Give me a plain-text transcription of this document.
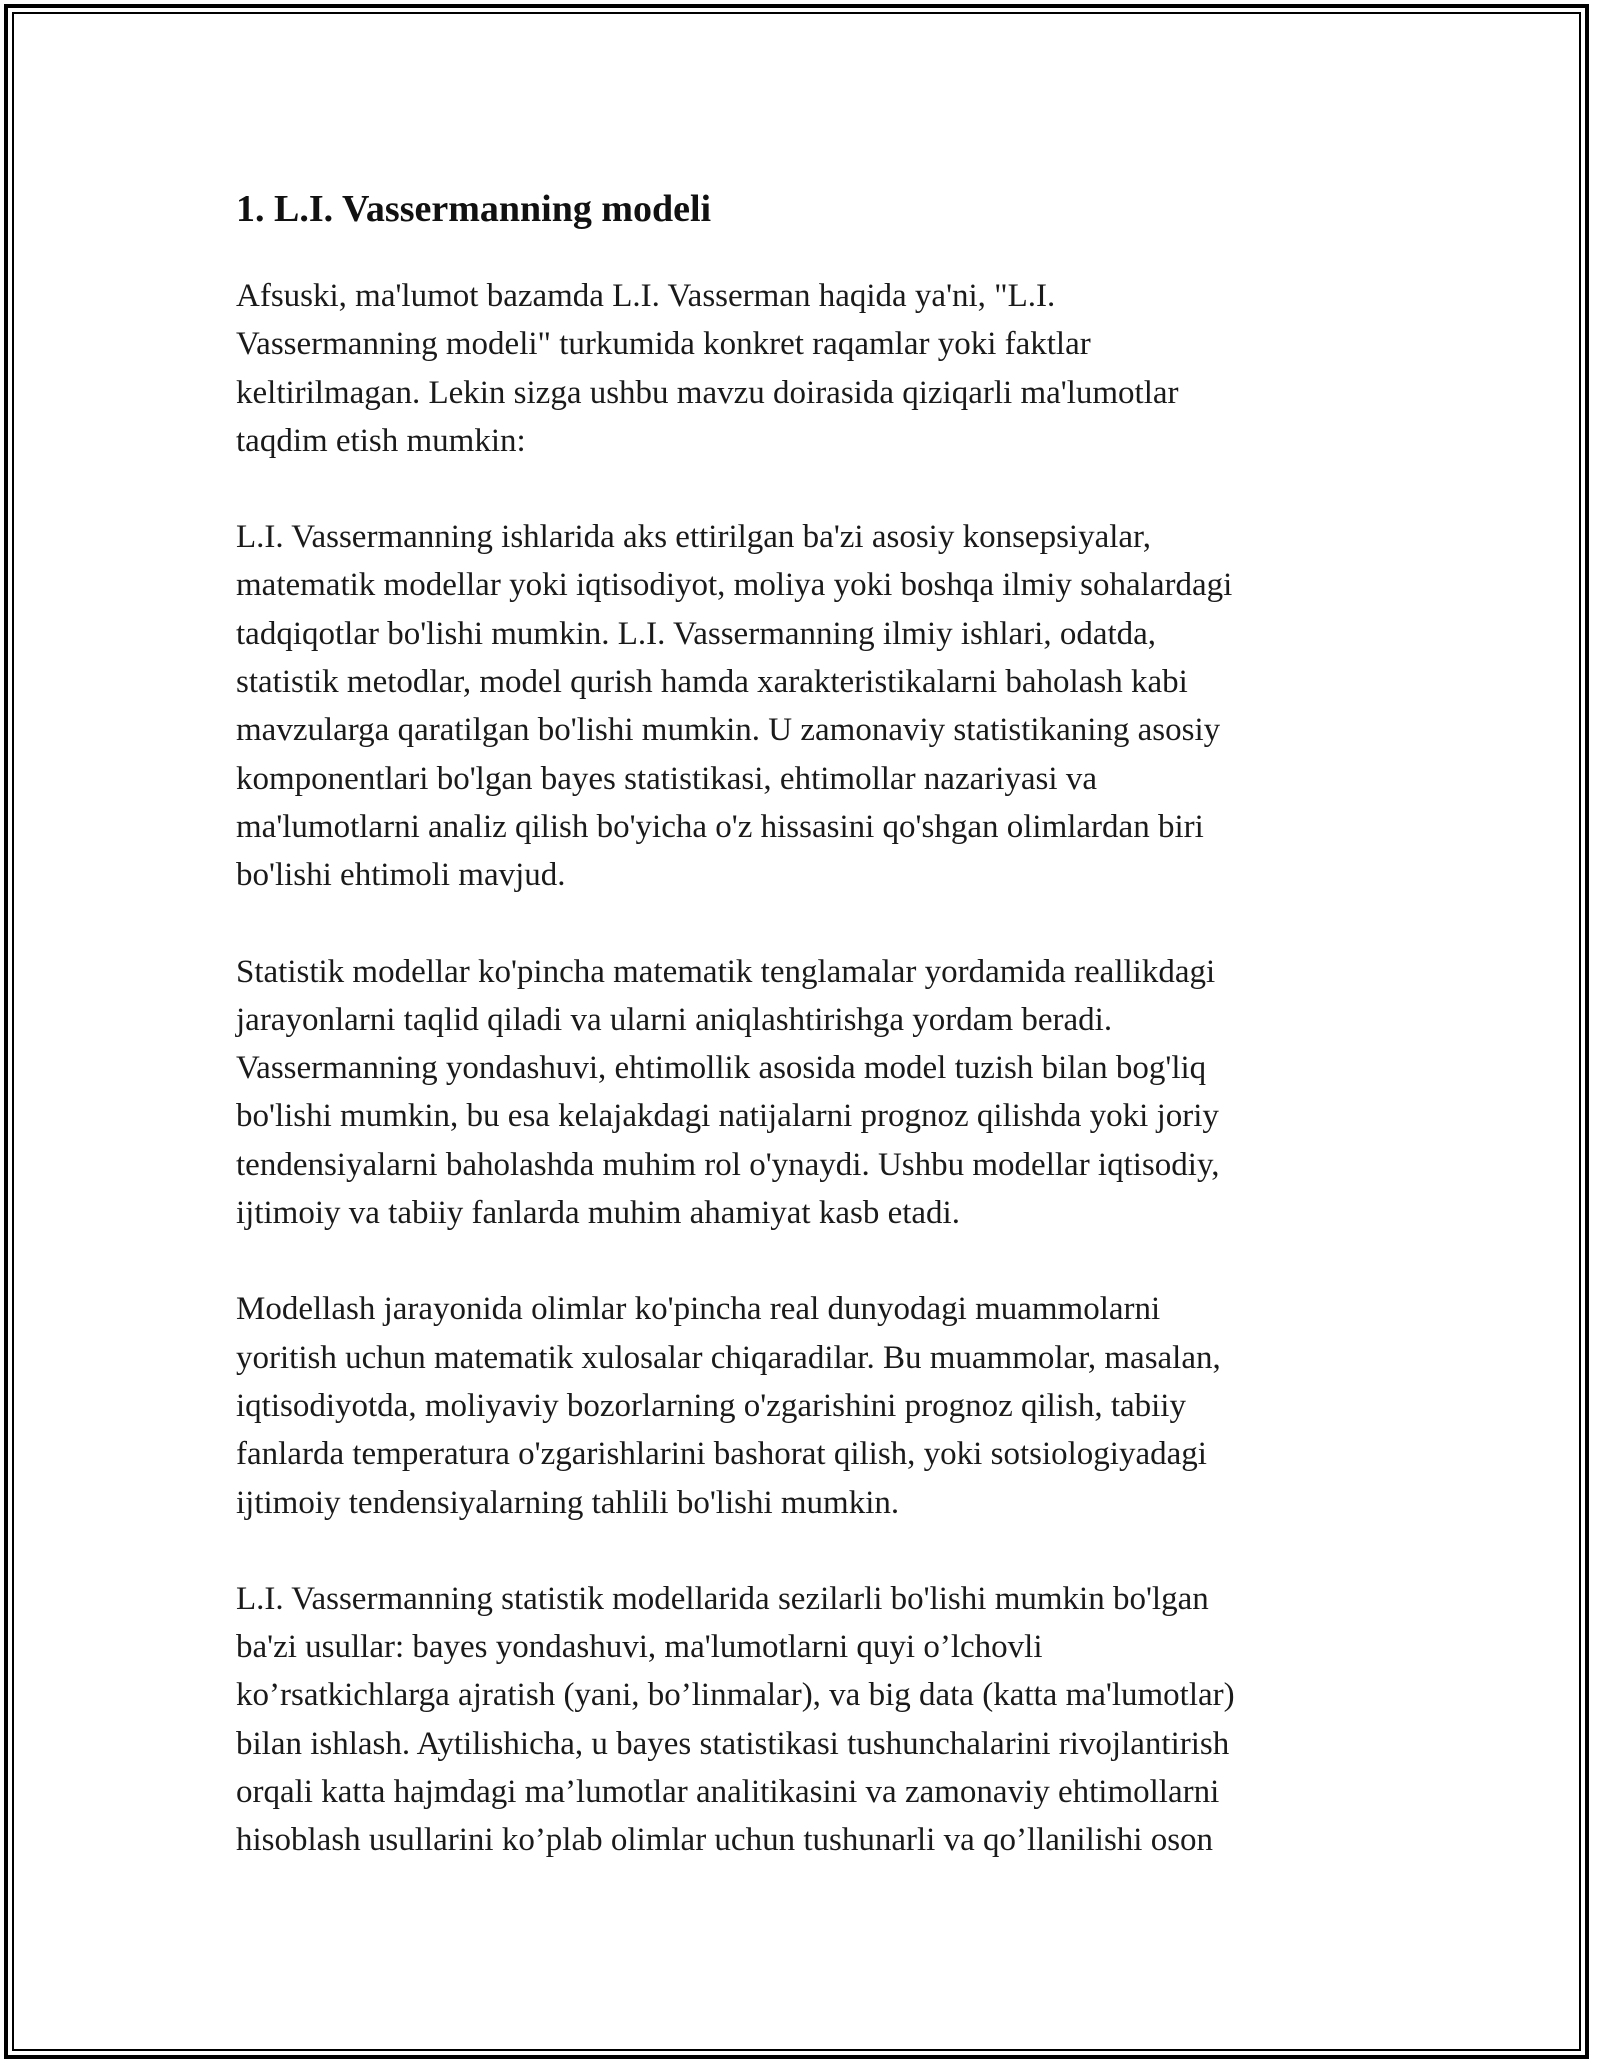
1. L.I. Vassermanning modeli
Afsuski, ma'lumot bazamda L.I. Vasserman haqida ya'ni, "L.I.
Vassermanning modeli" turkumida konkret raqamlar yoki faktlar
keltirilmagan. Lekin sizga ushbu mavzu doirasida qiziqarli ma'lumotlar
taqdim etish mumkin:
L.I. Vassermanning ishlarida aks ettirilgan ba'zi asosiy konsepsiyalar,
matematik modellar yoki iqtisodiyot, moliya yoki boshqa ilmiy sohalardagi
tadqiqotlar bo'lishi mumkin. L.I. Vassermanning ilmiy ishlari, odatda,
statistik metodlar, model qurish hamda xarakteristikalarni baholash kabi
mavzularga qaratilgan bo'lishi mumkin. U zamonaviy statistikaning asosiy
komponentlari bo'lgan bayes statistikasi, ehtimollar nazariyasi va
ma'lumotlarni analiz qilish bo'yicha o'z hissasini qo'shgan olimlardan biri
bo'lishi ehtimoli mavjud.
Statistik modellar ko'pincha matematik tenglamalar yordamida reallikdagi
jarayonlarni taqlid qiladi va ularni aniqlashtirishga yordam beradi.
Vassermanning yondashuvi, ehtimollik asosida model tuzish bilan bog'liq
bo'lishi mumkin, bu esa kelajakdagi natijalarni prognoz qilishda yoki joriy
tendensiyalarni baholashda muhim rol o'ynaydi. Ushbu modellar iqtisodiy,
ijtimoiy va tabiiy fanlarda muhim ahamiyat kasb etadi.
Modellash jarayonida olimlar ko'pincha real dunyodagi muammolarni
yoritish uchun matematik xulosalar chiqaradilar. Bu muammolar, masalan,
iqtisodiyotda, moliyaviy bozorlarning o'zgarishini prognoz qilish, tabiiy
fanlarda temperatura o'zgarishlarini bashorat qilish, yoki sotsiologiyadagi
ijtimoiy tendensiyalarning tahlili bo'lishi mumkin.
L.I. Vassermanning statistik modellarida sezilarli bo'lishi mumkin bo'lgan
ba'zi usullar: bayes yondashuvi, ma'lumotlarni quyi o’lchovli
ko’rsatkichlarga ajratish (yani, bo’linmalar), va big data (katta ma'lumotlar)
bilan ishlash. Aytilishicha, u bayes statistikasi tushunchalarini rivojlantirish
orqali katta hajmdagi ma’lumotlar analitikasini va zamonaviy ehtimollarni
hisoblash usullarini ko’plab olimlar uchun tushunarli va qo’llanilishi oson
